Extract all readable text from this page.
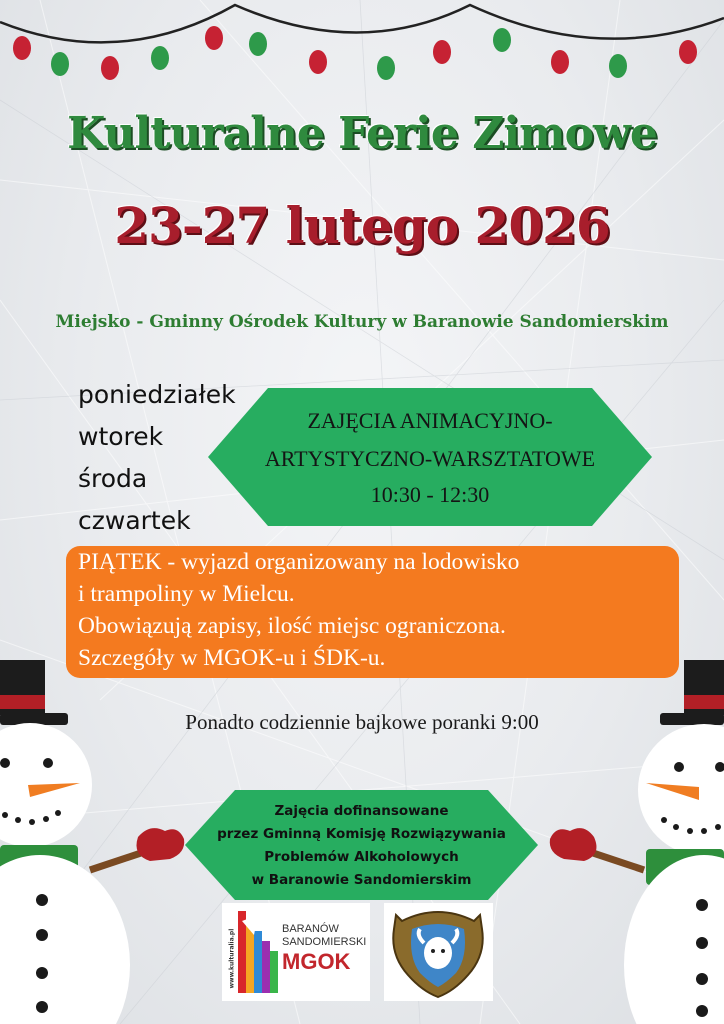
Kulturalne Ferie Zimowe
23-27 lutego 2026
Miejsko - Gminny Ośrodek Kultury w Baranowie Sandomierskim
poniedziałek
wtorek
środa
czwartek
ZAJĘCIA ANIMACYJNO-
ARTYSTYCZNO-WARSZTATOWE
10:30 - 12:30
PIĄTEK - wyjazd organizowany na lodowisko
i trampoliny w Mielcu.
Obowiązują zapisy, ilość miejsc ograniczona.
Szczegóły w MGOK-u i ŚDK-u.
Ponadto codziennie bajkowe poranki 9:00
Zajęcia dofinansowane
przez Gminną Komisję Rozwiązywania
Problemów Alkoholowych
w Baranowie Sandomierskim
www.kulturalia.pl	BARANÓW
SANDOMIERSKI
MGOK
